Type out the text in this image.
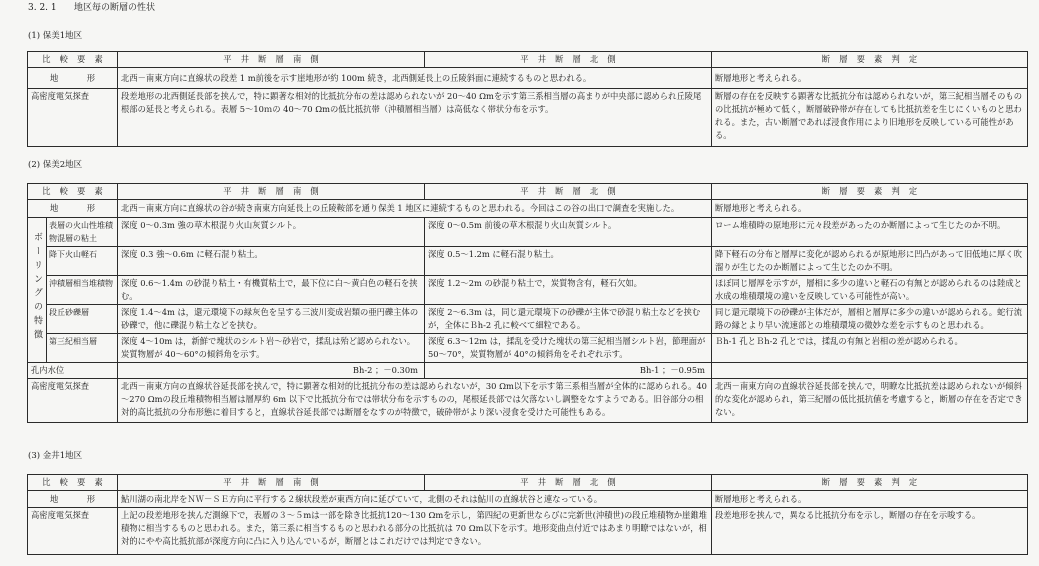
3. 2. 1 地区毎の断層の性状
(1) 保美1地区
比較要素	平井断層南側	平井断層北側	断層要素判定
地形	北西－南東方向に直線状の段差 1 m前後を示す崖地形が約 100m 続き，北西側延長上の丘陵斜面に連続するものと思われる。		断層地形と考えられる。
高密度電気探査	段差地形の北西側延長部を挟んで，特に顕著な相対的比抵抗分布の差は認められないが 20～40 Ωmを示す第三系相当層の高まりが中央部に認められ丘陵尾根部の延長と考えられる。表層 5～10ｍの 40～70 Ωmの低比抵抗帯（沖積層相当層）は高低なく帯状分布を示す。		断層の存在を反映する顕著な比抵抗分布は認められないが，第三紀相当層そのものの比抵抗が極めて低く，断層破砕帯が存在しても比抵抗差を生じにくいものと思われる。また，古い断層であれば浸食作用により旧地形を反映している可能性がある。
(2) 保美2地区
比較要素		平井断層南側	平井断層北側	断層要素判定
地形		北西－南東方向に直線状の谷が続き南東方向延長上の丘陵鞍部を通り保美 1 地区に連続するものと思われる。今回はこの谷の出口で調査を実施した。		断層地形と考えられる。
ボーリングの特徴	表層の火山性堆積物混層の粘土	深度 0～0.3m 強の草木根混り火山灰質シルト。	深度 0～0.5m 前後の草木根混り火山灰質シルト。	ローム堆積時の原地形に元々段差があったのか断層によって生じたのか不明。
	降下火山軽石	深度 0.3 強～0.6m に軽石混り粘土。	深度 0.5～1.2m に軽石混り粘土。	降下軽石の分布と層厚に変化が認められるが原地形に凹凸があって旧低地に厚く吹溜りが生じたのか断層によって生じたのか不明。
	沖積層相当堆積物	深度 0.6～1.4m の砂混り粘土・有機質粘土で，最下位に白～黄白色の軽石を挟む。	深度 1.2～2m の砂混り粘土で，炭質物含有，軽石欠如。	ほぼ同じ層厚を示すが，層相に多少の違いと軽石の有無とが認められるのは陸成と水成の堆積環境の違いを反映している可能性が高い。
	段丘砂礫層	深度 1.4～4m は，還元環境下の緑灰色を呈する三波川変成岩類の亜円礫主体の砂礫で，他に礫混り粘土などを挟む。	深度 2～6.3m は，同じ還元環境下の砂礫が主体で砂混り粘土などを挟むが，全体にＢh-2 孔に較べて細粒である。	同じ還元環境下の砂礫が主体だが，層相と層厚に多少の違いが認められる。蛇行流路の縁とより早い流速部との堆積環境の微妙な差を示すものと思われる。
	第三紀相当層	深度 4～10m は，新鮮で塊状のシルト岩～砂岩で，揉乱は殆ど認められない。炭質物層が 40～60°の傾斜角を示す。	深度 6.3～12m は，揉乱を受けた塊状の第三紀相当層シルト岩，節理面が 50～70°，炭質物層が 40°の傾斜角をそれぞれ示す。	Ｂh-1 孔とＢh-2 孔とでは，揉乱の有無と岩相の差が認められる。
孔内水位		Bh-2 ；－0.30m	Bh-1 ；－0.95m	
高密度電気探査		北西－南東方向の直線状谷延長部を挟んで，特に顕著な相対的比抵抗分布の差は認められないが，30 Ωm以下を示す第三系相当層が全体的に認められる。40～270 Ωmの段丘堆積物相当層は層厚約 6m 以下で比抵抗分布では帯状分布を示すものの，尾根延長部では欠落ないし調整をなすようである。旧谷部分の相対的高比抵抗の分布形態に着目すると，直線状谷延長部では断層をなすのが特徴で，破砕帯がより深い浸食を受けた可能性もある。		北西－南東方向の直線状谷延長部を挟んで，明瞭な比抵抗差は認められないが傾斜的な変化が認められ，第三紀層の低比抵抗値を考慮すると，断層の存在を否定できない。
(3) 金井1地区
比較要素	平井断層南側	平井断層北側	断層要素判定
地形	鮎川湖の南北岸をＮＷ－ＳＥ方向に平行する２線状段差が東西方向に延びていて，北側のそれは鮎川の直線状谷と連なっている。		断層地形と考えられる。
高密度電気探査	上記の段差地形を挟んだ測線下で，表層の３～５mは一部を除き比抵抗120～130 Ωmを示し，第四紀の更新世ならびに完新世(沖積世)の段丘堆積物か崖錐堆積物に相当するものと思われる。また，第三系に相当するものと思われる部分の比抵抗は 70 Ωm以下を示す。地形変曲点付近ではあまり明瞭ではないが，相対的にやや高比抵抗部が深度方向に凸に入り込んでいるが，断層とはこれだけでは判定できない。		段差地形を挟んで，異なる比抵抗分布を示し，断層の存在を示唆する。
